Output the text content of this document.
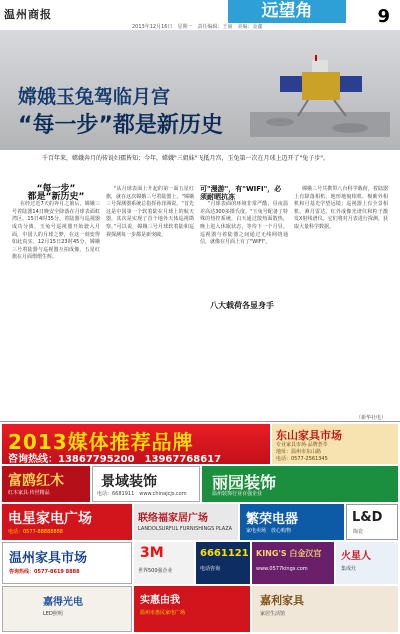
温州商报
2013年12月16日　星期一　责任编辑：王丽　美编：金鑫
远望角	9
嫦娥玉兔驾临月宫
“每一步”都是新历史
千百年来，嫦娥奔月的传说妇孺皆知；今年，嫦娥"三姐妹"飞抵月宫，玉兔第一次在月球上迈开了"兔子步"。
“每一步”
都是“新历史”

在经过近7天的奔月之旅后，嫦娥三号着陆器14日晚安全降落在月球表面虹湾区。15日4时35分，着陆器与巡视器成功分离，玉兔号巡视器开始驶入月面，中国人的月球之梦，在这一刻变得如此真实。12月15日23时45分，嫦娥三号着陆器与巡视器互拍成像，五星红旗在月面熠熠生辉。

"从月球表面上升起的第一面五星红旗，就在这次嫦娥三号着陆器上。"嫦娥三号探测器系统总指挥孙泽洲说。“首先这是中国第一个软着陆在月球上的航天器，其次是实现了首个地外天体巡视勘察。”可以说，嫦娥三号月球软着陆和巡视探测每一步都是新突破。

可"漫游"，有"WIFI"，必须耐晒抗冻

"月球表面的环境非常严酷，昼夜温差高达300多摄氏度。"玉兔号配备了特殊的热控系统，白天通过散热面散热，晚上进入休眠状态，等待下一个月昼。巡视器与着陆器之间通过无线网络通信，就像在月面上有了"WIFI"。

嫦娥三号共携带八台科学载荷，着陆器上有降落相机、地形地貌相机、极紫外相机和月基光学望远镜；巡视器上有全景相机、测月雷达、红外成像光谱仪和粒子激发X射线谱仪。它们将对月表进行探测，获取大量科学数据。

八大载荷各显身手
（新华社电）
2013媒体推荐品牌
咨询热线：13867795200　13967768617
东山家具市场
专业家具市场·品牌荟萃
地址：温州市东山路
电话：0577-2561345
富鸥红木
红木家具·传世精品
景域装饰
电话：6681911　www.chinajcjs.com
丽园装饰
温州装饰行业百强企业
电星家电广场
电话：0577-88888888
联络福家居广场
LANDOLSURFUL FURNISHINGS PLAZA
繁荣电器
家电卖场　放心购物
L&D
陶瓷
温州家具市场
咨询热线：0577-8619 8888
3M
世界500强企业
6661121
电话咨询
KING'S 白金汉宫
www.0577kings.com
火星人
集成灶
嘉得光电
LED照明
实惠由我
温州市惠民家电广场
嘉利家具
家居生活馆
